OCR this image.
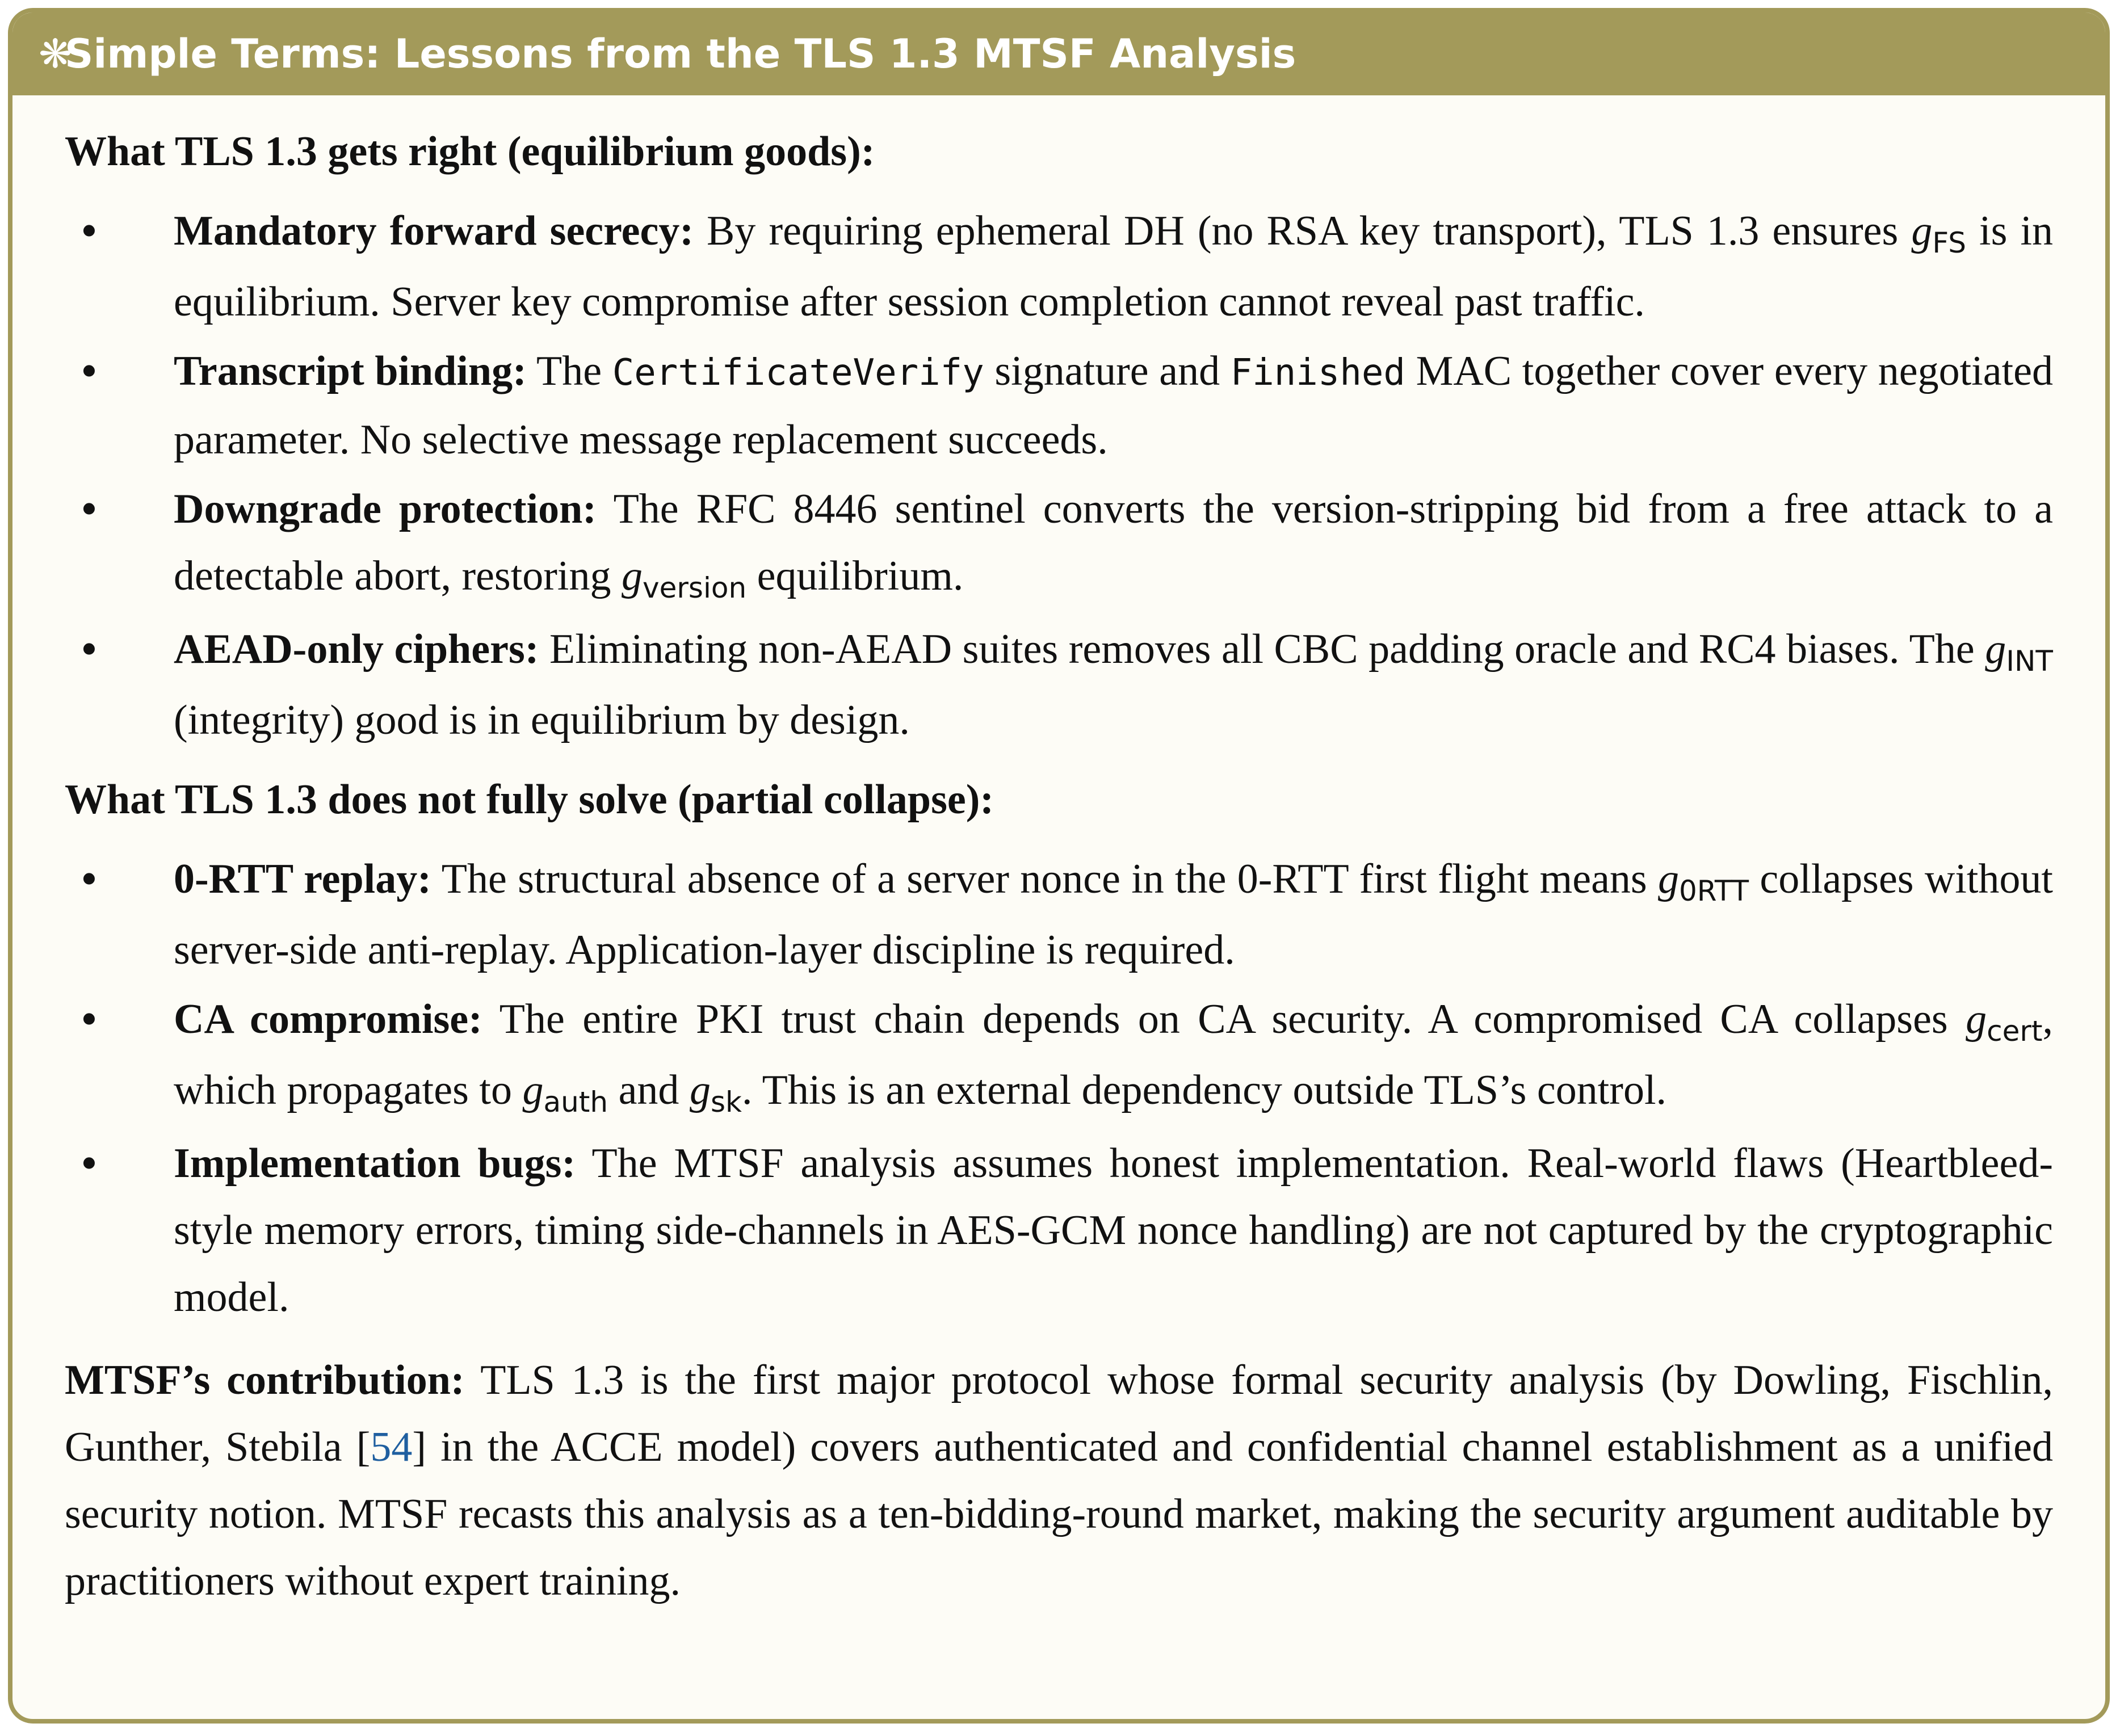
❋
Simple Terms: Lessons from the TLS 1.3 MTSF Analysis

What TLS 1.3 gets right (equilibrium goods):

• Mandatory forward secrecy: By requiring ephemeral DH (no RSA key transport), TLS 1.3 ensures gFS is in equilibrium. Server key compromise after session completion cannot reveal past traffic.
• Transcript binding: The CertificateVerify signature and Finished MAC together cover every negotiated parameter. No selective message replacement succeeds.
• Downgrade protection: The RFC 8446 sentinel converts the version-stripping bid from a free attack to a detectable abort, restoring gversion equilibrium.
• AEAD-only ciphers: Eliminating non-AEAD suites removes all CBC padding oracle and RC4 biases. The gINT (integrity) good is in equilibrium by design.

What TLS 1.3 does not fully solve (partial collapse):

• 0-RTT replay: The structural absence of a server nonce in the 0-RTT first flight means g0RTT collapses without server-side anti-replay. Application-layer discipline is required.
• CA compromise: The entire PKI trust chain depends on CA security. A compromised CA collapses gcert, which propagates to gauth and gsk. This is an external dependency outside TLS’s control.
• Implementation bugs: The MTSF analysis assumes honest implementation. Real-world flaws (Heartbleed-style memory errors, timing side-channels in AES-GCM nonce handling) are not captured by the cryptographic model.

MTSF’s contribution: TLS 1.3 is the first major protocol whose formal security analysis (by Dowling, Fischlin, Gunther, Stebila [54] in the ACCE model) covers authenticated and confidential channel establishment as a unified security notion. MTSF recasts this analysis as a ten-bidding-round market, making the security argument auditable by practitioners without expert training.
